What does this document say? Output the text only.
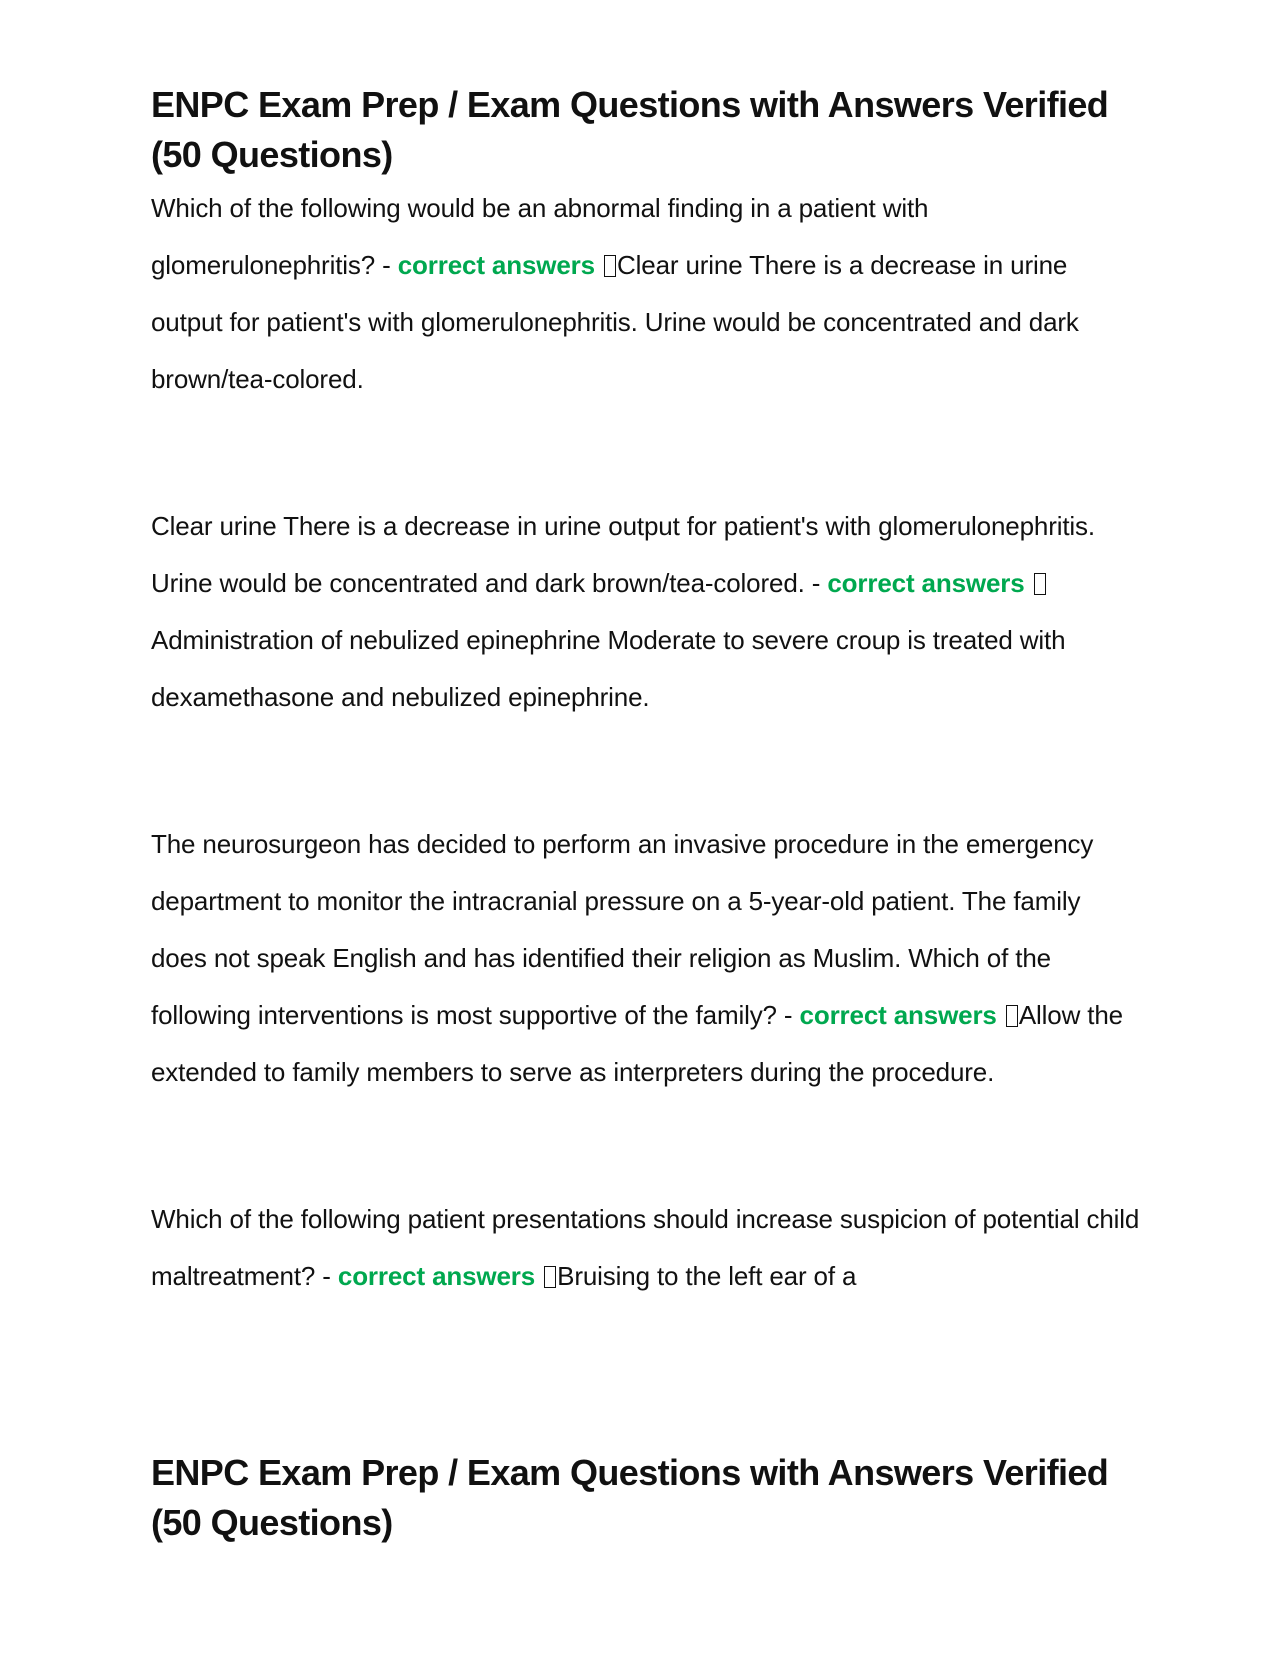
ENPC Exam Prep / Exam Questions with Answers Verified (50 Questions)

Which of the following would be an abnormal finding in a patient with glomerulonephritis? - correct answers Clear urine There is a decrease in urine output for patient's with glomerulonephritis. Urine would be concentrated and dark brown/tea-colored.

Clear urine There is a decrease in urine output for patient's with glomerulonephritis. Urine would be concentrated and dark brown/tea-colored. - correct answers Administration of nebulized epinephrine Moderate to severe croup is treated with dexamethasone and nebulized epinephrine.

The neurosurgeon has decided to perform an invasive procedure in the emergency department to monitor the intracranial pressure on a 5-year-old patient. The family does not speak English and has identified their religion as Muslim. Which of the following interventions is most supportive of the family? - correct answers Allow the extended to family members to serve as interpreters during the procedure.

Which of the following patient presentations should increase suspicion of potential child maltreatment? - correct answers Bruising to the left ear of a

ENPC Exam Prep / Exam Questions with Answers Verified (50 Questions)
